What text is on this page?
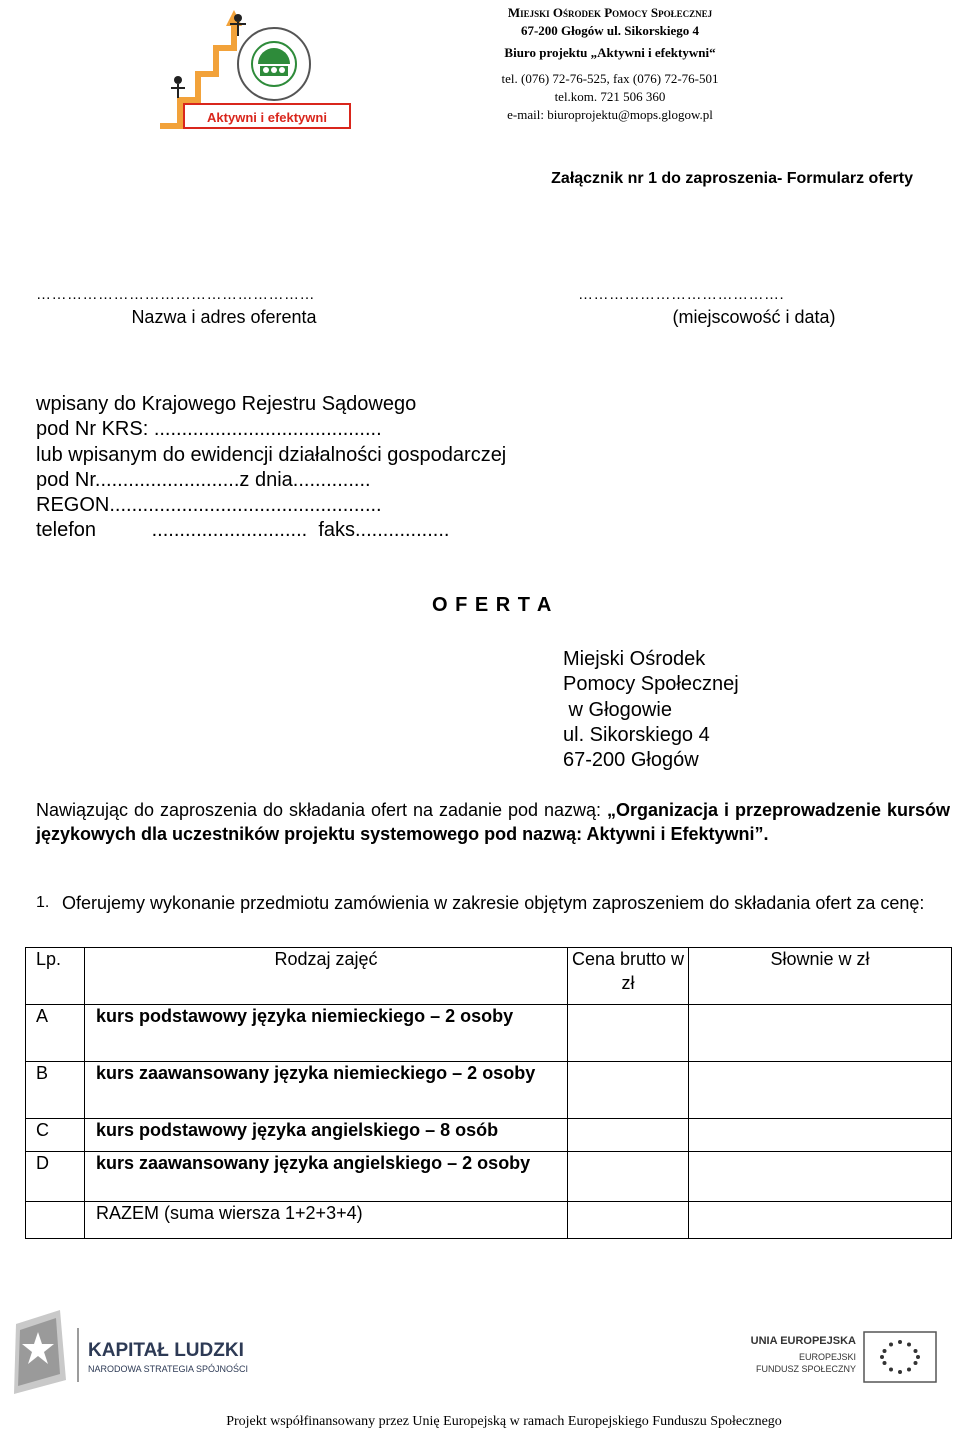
Aktywni i efektywni
Miejski Ośrodek Pomocy Społecznej
67-200 Głogów ul. Sikorskiego 4
Biuro projektu „Aktywni i efektywni“
tel. (076) 72-76-525, fax (076) 72-76-501
tel.kom. 721 506 360
e-mail: biuroprojektu@mops.glogow.pl
Załącznik nr 1 do zaproszenia- Formularz oferty
………………………………………………	………………………………….
Nazwa i adres oferenta	(miejscowość i data)
wpisany do Krajowego Rejestru Sądowego
pod Nr KRS: .........................................
lub wpisanym do ewidencji działalności gospodarczej
pod Nr..........................z dnia..............
REGON.................................................
telefon          ............................  faks.................
O F E R T A
Miejski Ośrodek
Pomocy Społecznej
w Głogowie
ul. Sikorskiego 4
67-200 Głogów
Nawiązując do zaproszenia do składania ofert na zadanie pod nazwą: „Organizacja i przeprowadzenie kursów językowych dla uczestników projektu systemowego pod nazwą: Aktywni i Efektywni”.
1. Oferujemy wykonanie przedmiotu zamówienia w zakresie objętym zaproszeniem do składania ofert za cenę:
Lp.	Rodzaj zajęć	Cena brutto w zł	Słownie w zł
A	kurs podstawowy języka niemieckiego – 2 osoby		

B	kurs zaawansowany języka niemieckiego – 2 osoby		

C	kurs podstawowy języka angielskiego – 8 osób		

D	kurs zaawansowany języka angielskiego – 2 osoby		

	RAZEM (suma wiersza 1+2+3+4)		

KAPITAŁ LUDZKI
NARODOWA STRATEGIA SPÓJNOŚCI
UNIA EUROPEJSKA
EUROPEJSKI
FUNDUSZ SPOŁECZNY
Projekt współfinansowany przez Unię Europejską w ramach Europejskiego Funduszu Społecznego
